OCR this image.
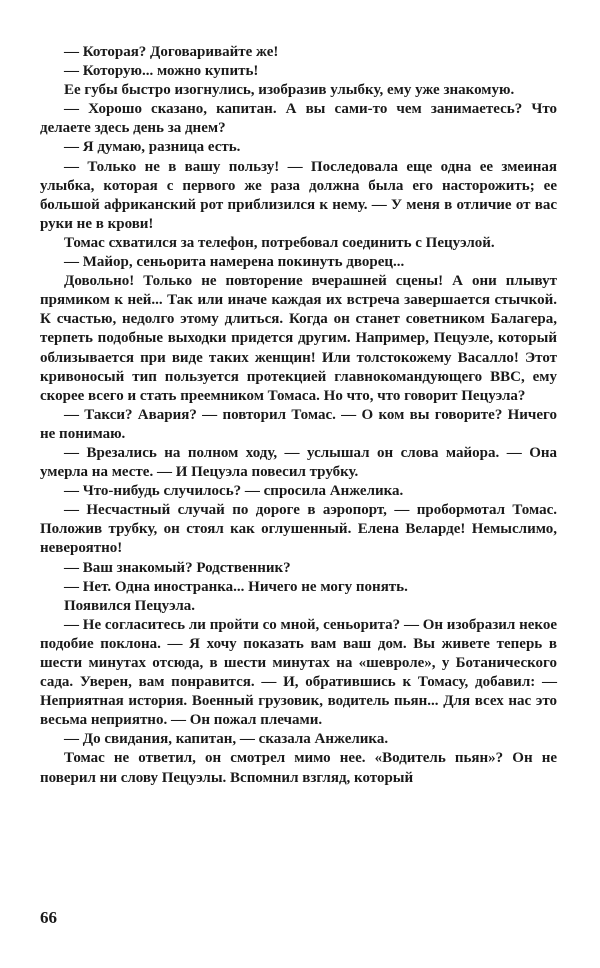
— Которая? Договаривайте же!

— Которую... можно купить!

Ее губы быстро изогнулись, изобразив улыбку, ему уже знакомую.

— Хорошо сказано, капитан. А вы сами-то чем занимаетесь? Что делаете здесь день за днем?

— Я думаю, разница есть.

— Только не в вашу пользу! — Последовала еще одна ее змеиная улыбка, которая с первого же раза должна была его насторожить; ее большой африканский рот приблизился к нему. — У меня в отличие от вас руки не в крови!

Томас схватился за телефон, потребовал соединить с Пецуэлой.

— Майор, сеньорита намерена покинуть дворец...

Довольно! Только не повторение вчерашней сцены! А они плывут прямиком к ней... Так или иначе каждая их встреча завершается стычкой. К счастью, недолго этому длиться. Когда он станет советником Балагера, терпеть подобные выходки придется другим. Например, Пецуэле, который облизывается при виде таких женщин! Или толстокожему Васалло! Этот кривоносый тип пользуется протекцией главнокомандующего ВВС, ему скорее всего и стать преемником Томаса. Но что, что говорит Пецуэла?

— Такси? Авария? — повторил Томас. — О ком вы говорите? Ничего не понимаю.

— Врезались на полном ходу, — услышал он слова майора. — Она умерла на месте. — И Пецуэла повесил трубку.

— Что-нибудь случилось? — спросила Анжелика.

— Несчастный случай по дороге в аэропорт, — пробормотал Томас. Положив трубку, он стоял как оглушенный. Елена Веларде! Немыслимо, невероятно!

— Ваш знакомый? Родственник?

— Нет. Одна иностранка... Ничего не могу понять.

Появился Пецуэла.

— Не согласитесь ли пройти со мной, сеньорита? — Он изобразил некое подобие поклона. — Я хочу показать вам ваш дом. Вы живете теперь в шести минутах отсюда, в шести минутах на «шевроле», у Ботанического сада. Уверен, вам понравится. — И, обратившись к Томасу, добавил: — Неприятная история. Военный грузовик, водитель пьян... Для всех нас это весьма неприятно. — Он пожал плечами.

— До свидания, капитан, — сказала Анжелика.

Томас не ответил, он смотрел мимо нее. «Водитель пьян»? Он не поверил ни слову Пецуэлы. Вспомнил взгляд, который

66
